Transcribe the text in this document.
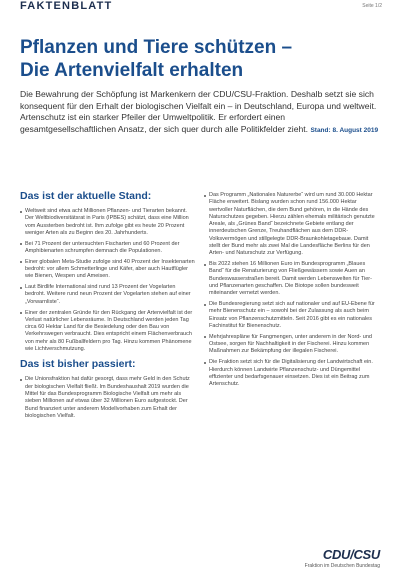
FAKTENBLATT	Seite 1/2
Pflanzen und Tiere schützen –
Die Artenvielfalt erhalten
Die Bewahrung der Schöpfung ist Markenkern der CDU/CSU-Fraktion. Deshalb setzt sie sich konsequent für den Erhalt der biologischen Vielfalt ein – in Deutschland, Europa und weltweit. Artenschutz ist ein starker Pfeiler der Umweltpolitik. Er erfordert einen gesamtgesellschaftlichen Ansatz, der sich quer durch alle Politikfelder zieht. Stand: 8. August 2019
Das ist der aktuelle Stand:
Weltweit sind etwa acht Millionen Pflanzen- und Tierarten bekannt. Der Weltbiodiversitätsrat in Paris (IPBES) schätzt, dass eine Million vom Aussterben bedroht ist. Ihm zufolge gibt es heute 20 Prozent weniger Arten als zu Beginn des 20. Jahrhunderts.
Bei 71 Prozent der untersuchten Fischarten und 60 Prozent der Amphibienarten schrumpfen demnach die Populationen.
Einer globalen Meta-Studie zufolge sind 40 Prozent der Insektenarten bedroht: vor allem Schmetterlinge und Käfer, aber auch Hautflügler wie Bienen, Wespen und Ameisen.
Laut Birdlife International sind rund 13 Prozent der Vogelarten bedroht. Weitere rund neun Prozent der Vogelarten stehen auf einer „Vorwarnliste“.
Einer der zentralen Gründe für den Rückgang der Artenvielfalt ist der Verlust natürlicher Lebensräume. In Deutschland werden jeden Tag circa 60 Hektar Land für die Besiedelung oder den Bau von Verkehrswegen verbraucht. Dies entspricht einem Flächenverbrauch von mehr als 80 Fußballfeldern pro Tag. Hinzu kommen Phänomene wie Lichtverschmutzung.
Das ist bisher passiert:
Die Unionsfraktion hat dafür gesorgt, dass mehr Geld in den Schutz der biologischen Vielfalt fließt. Im Bundeshaushalt 2019 wurden die Mittel für das Bundesprogramm Biologische Vielfalt um mehr als sieben Millionen auf etwas über 32 Millionen Euro aufgestockt. Der Bund finanziert unter anderem Modellvorhaben zum Erhalt der biologischen Vielfalt.
Das Programm „Nationales Naturerbe“ wird um rund 30.000 Hektar Fläche erweitert. Bislang wurden schon rund 156.000 Hektar wertvoller Naturflächen, die dem Bund gehören, in die Hände des Naturschutzes gegeben. Hierzu zählen ehemals militärisch genutzte Areale, als „Grünes Band“ bezeichnete Gebiete entlang der innerdeutschen Grenze, Treuhandflächen aus dem DDR-Volksvermögen und stillgelegte DDR-Braunkohletagebaue. Damit stellt der Bund mehr als zwei Mal die Landesfläche Berlins für den Arten- und Naturschutz zur Verfügung.
Bis 2022 stehen 16 Millionen Euro im Bundesprogramm „Blaues Band“ für die Renaturierung von Fließgewässern sowie Auen an Bundeswasserstraßen bereit. Damit werden Lebenswelten für Tier- und Pflanzenarten geschaffen. Die Biotope sollen bundesweit miteinander vernetzt werden.
Die Bundesregierung setzt sich auf nationaler und auf EU-Ebene für mehr Bienenschutz ein – sowohl bei der Zulassung als auch beim Einsatz von Pflanzenschutzmitteln. Seit 2016 gibt es ein nationales Fachinstitut für Bienenschutz.
Mehrjahrespläne für Fangmengen, unter anderem in der Nord- und Ostsee, sorgen für Nachhaltigkeit in der Fischerei. Hinzu kommen Maßnahmen zur Bekämpfung der illegalen Fischerei.
Die Fraktion setzt sich für die Digitalisierung der Landwirtschaft ein. Hierdurch können Landwirte Pflanzenschutz- und Düngemittel effizienter und bedarfsgenauer einsetzen. Dies ist ein Beitrag zum Artenschutz.
CDU/CSU
Fraktion im Deutschen Bundestag
